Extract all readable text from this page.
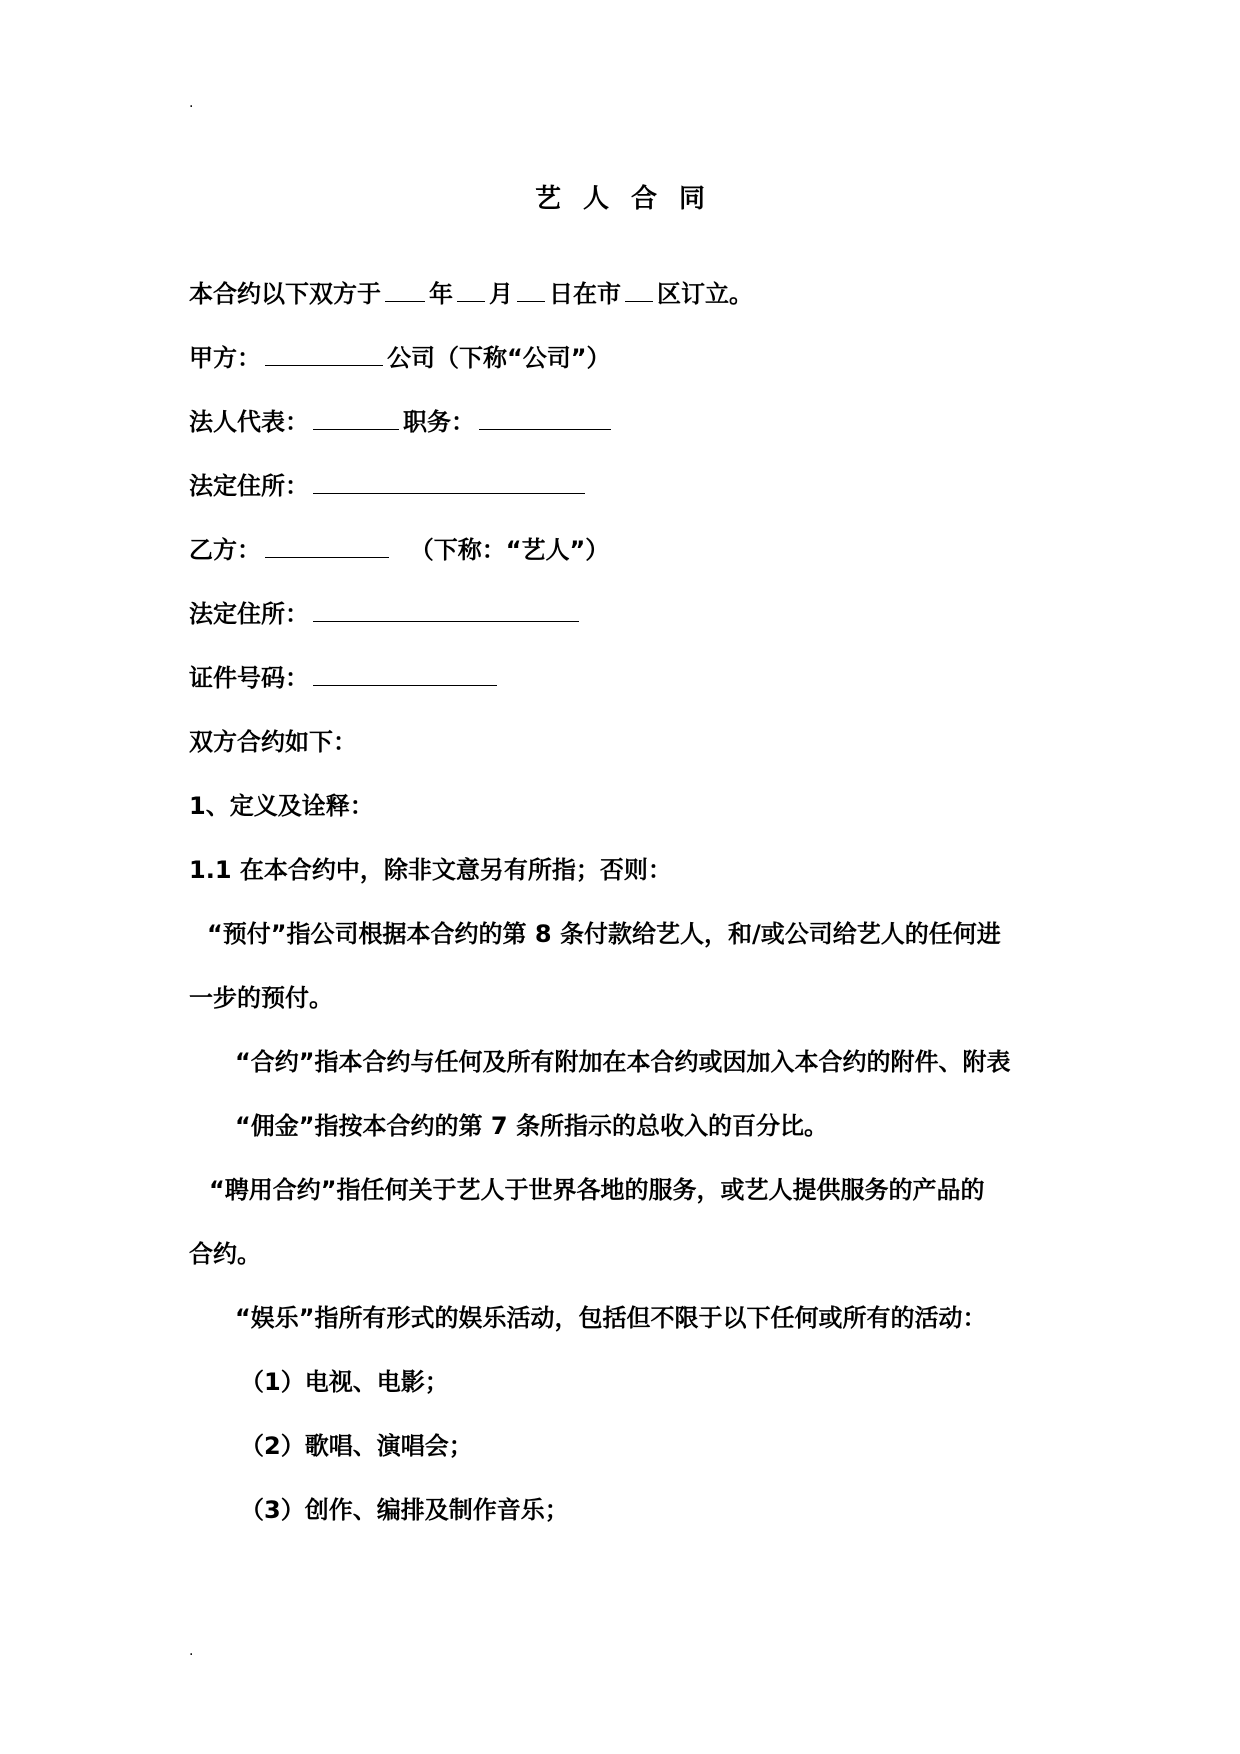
.
艺人合同
本合约以下双方于 年 月 日在市 区订立。
甲方：	公司（下称“公司”）
法人代表：	职务：
法定住所：
乙方：	（下称：“艺人”）
法定住所：
证件号码：
双方合约如下：
1、定义及诠释：
1.1 在本合约中，除非文意另有所指；否则：
“预付”指公司根据本合约的第 8 条付款给艺人，和/或公司给艺人的任何进
一步的预付。
“合约”指本合约与任何及所有附加在本合约或因加入本合约的附件、附表
“佣金”指按本合约的第 7 条所指示的总收入的百分比。
“聘用合约”指任何关于艺人于世界各地的服务，或艺人提供服务的产品的
合约。
“娱乐”指所有形式的娱乐活动，包括但不限于以下任何或所有的活动：
（1）电视、电影；
（2）歌唱、演唱会；
（3）创作、编排及制作音乐；
.
